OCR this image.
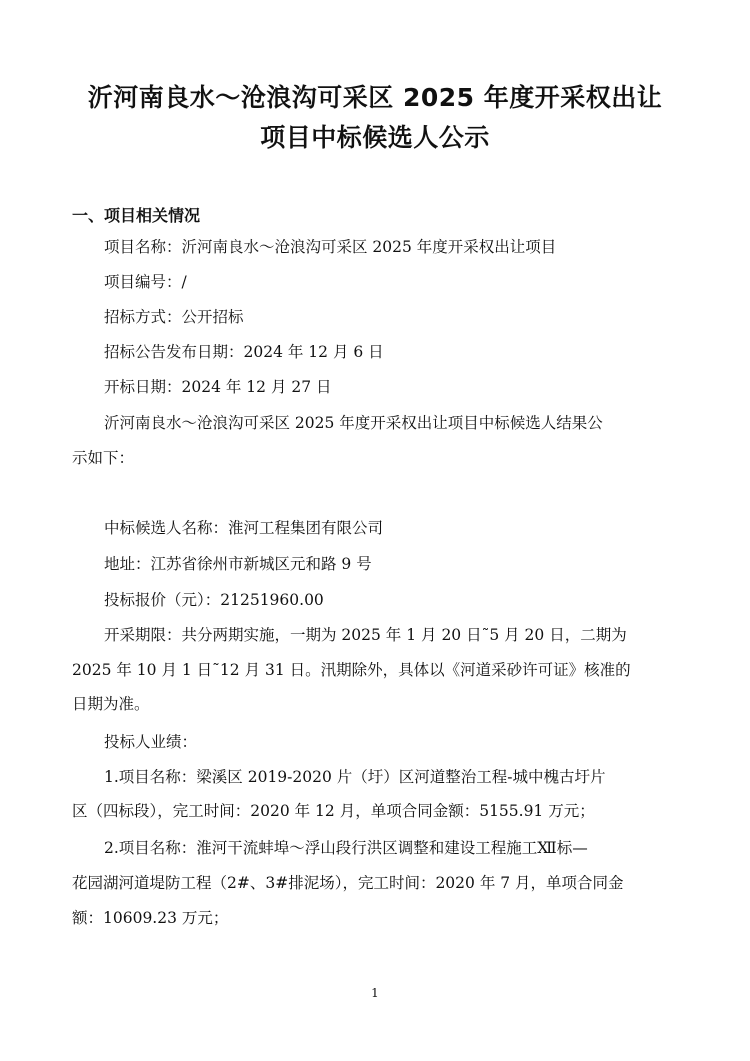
沂河南良水～沧浪沟可采区 2025 年度开采权出让
项目中标候选人公示
一、项目相关情况
项目名称：沂河南良水～沧浪沟可采区 2025 年度开采权出让项目
项目编号：/
招标方式：公开招标
招标公告发布日期：2024 年 12 月 6 日
开标日期：2024 年 12 月 27 日
沂河南良水～沧浪沟可采区 2025 年度开采权出让项目中标候选人结果公
示如下：
中标候选人名称：淮河工程集团有限公司
地址：江苏省徐州市新城区元和路 9 号
投标报价（元）：21251960.00
开采期限：共分两期实施，一期为 2025 年 1 月 20 日˜5 月 20 日，二期为
2025 年 10 月 1 日˜12 月 31 日。汛期除外，具体以《河道采砂许可证》核准的
日期为准。
投标人业绩：
1.项目名称：梁溪区 2019-2020 片（圩）区河道整治工程-城中槐古圩片
区（四标段），完工时间：2020 年 12 月，单项合同金额：5155.91 万元；
2.项目名称：淮河干流蚌埠～浮山段行洪区调整和建设工程施工Ⅻ标—
花园湖河道堤防工程（2#、3#排泥场），完工时间：2020 年 7 月，单项合同金
额：10609.23 万元；
1
